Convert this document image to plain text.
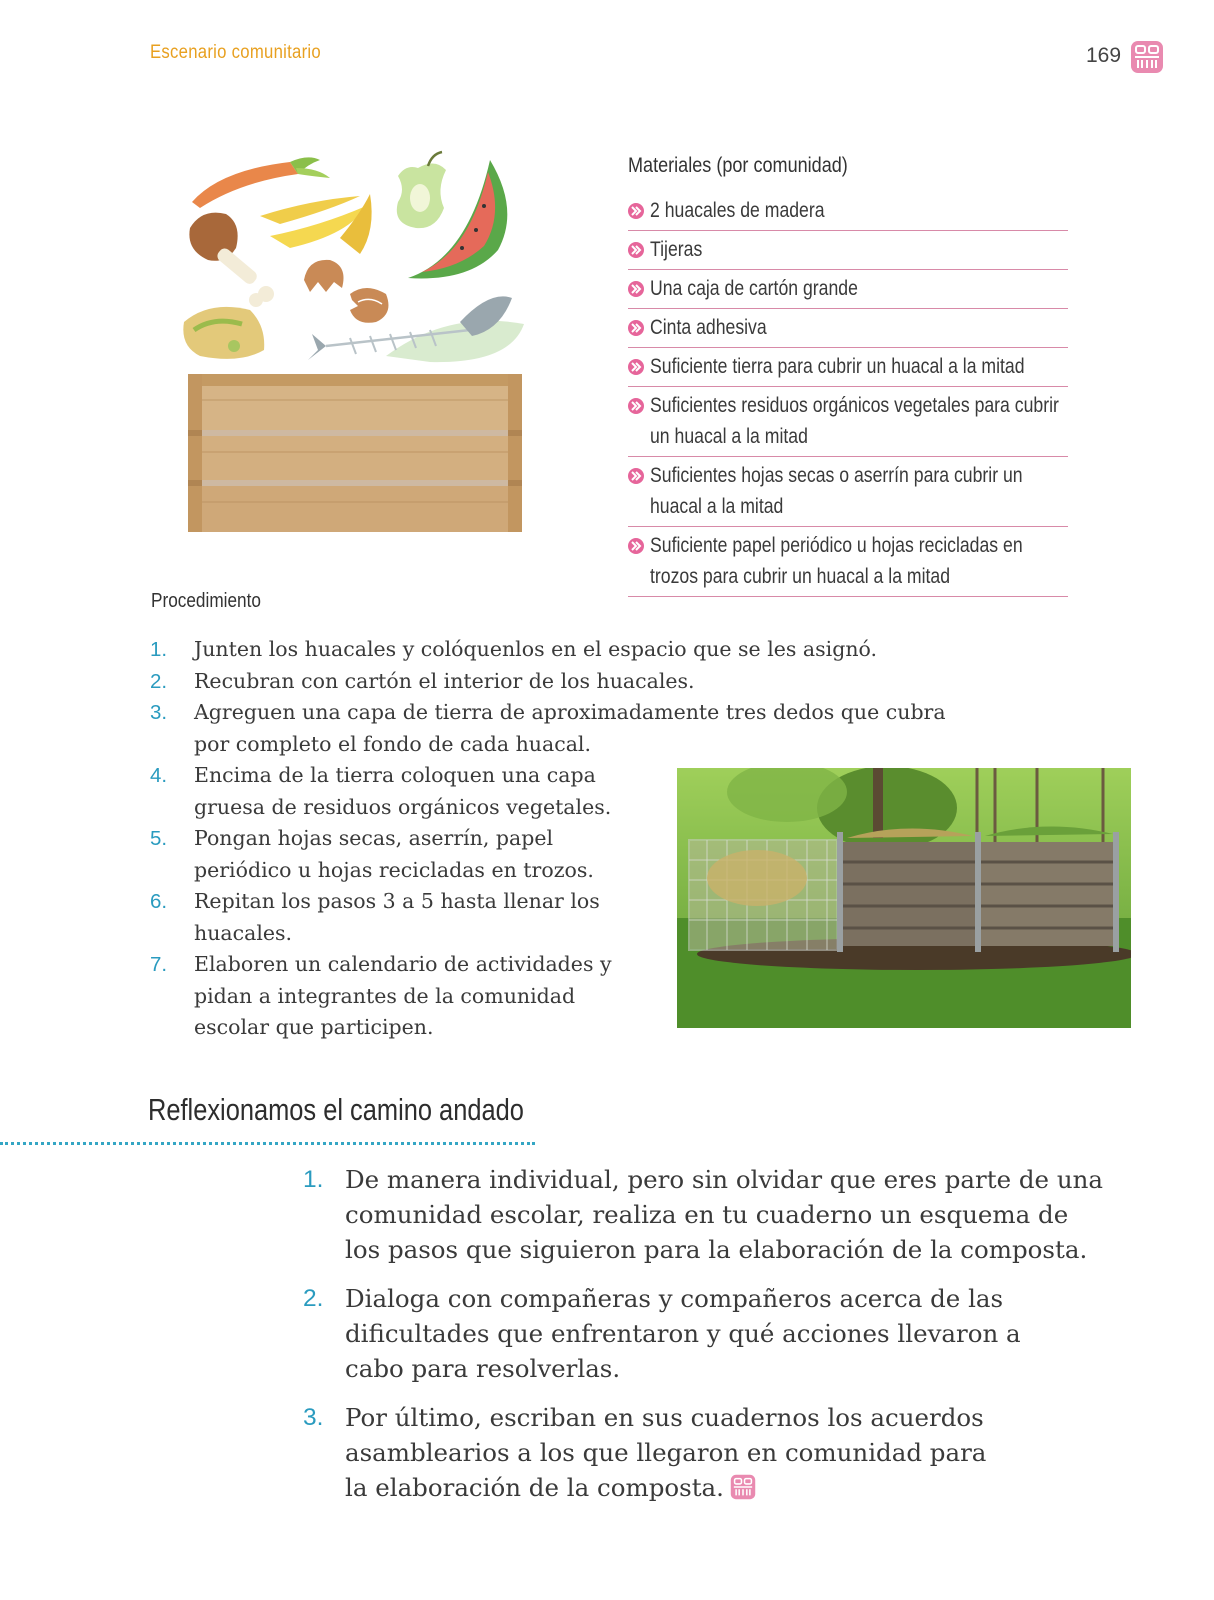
Escenario comunitario	169
Materiales (por comunidad)
2 huacales de madera
Tijeras
Una caja de cartón grande
Cinta adhesiva
Suficiente tierra para cubrir un huacal a la mitad
Suficientes residuos orgánicos vegetales para cubrir un huacal a la mitad
Suficientes hojas secas o aserrín para cubrir un huacal a la mitad
Suficiente papel periódico u hojas recicladas en trozos para cubrir un huacal a la mitad
Procedimiento
1. Junten los huacales y colóquenlos en el espacio que se les asignó.
2. Recubran con cartón el interior de los huacales.
3. Agreguen una capa de tierra de aproximadamente tres dedos que cubra por completo el fondo de cada huacal.
4. Encima de la tierra coloquen una capa gruesa de residuos orgánicos vegetales.
5. Pongan hojas secas, aserrín, papel periódico u hojas recicladas en trozos.
6. Repitan los pasos 3 a 5 hasta llenar los huacales.
7. Elaboren un calendario de actividades y pidan a integrantes de la comunidad escolar que participen.
Reflexionamos el camino andado
1. De manera individual, pero sin olvidar que eres parte de una comunidad escolar, realiza en tu cuaderno un esquema de los pasos que siguieron para la elaboración de la composta.
2. Dialoga con compañeras y compañeros acerca de las dificultades que enfrentaron y qué acciones llevaron a cabo para resolverlas.
3. Por último, escriban en sus cuadernos los acuerdos asamblearios a los que llegaron en comunidad para la elaboración de la composta.
